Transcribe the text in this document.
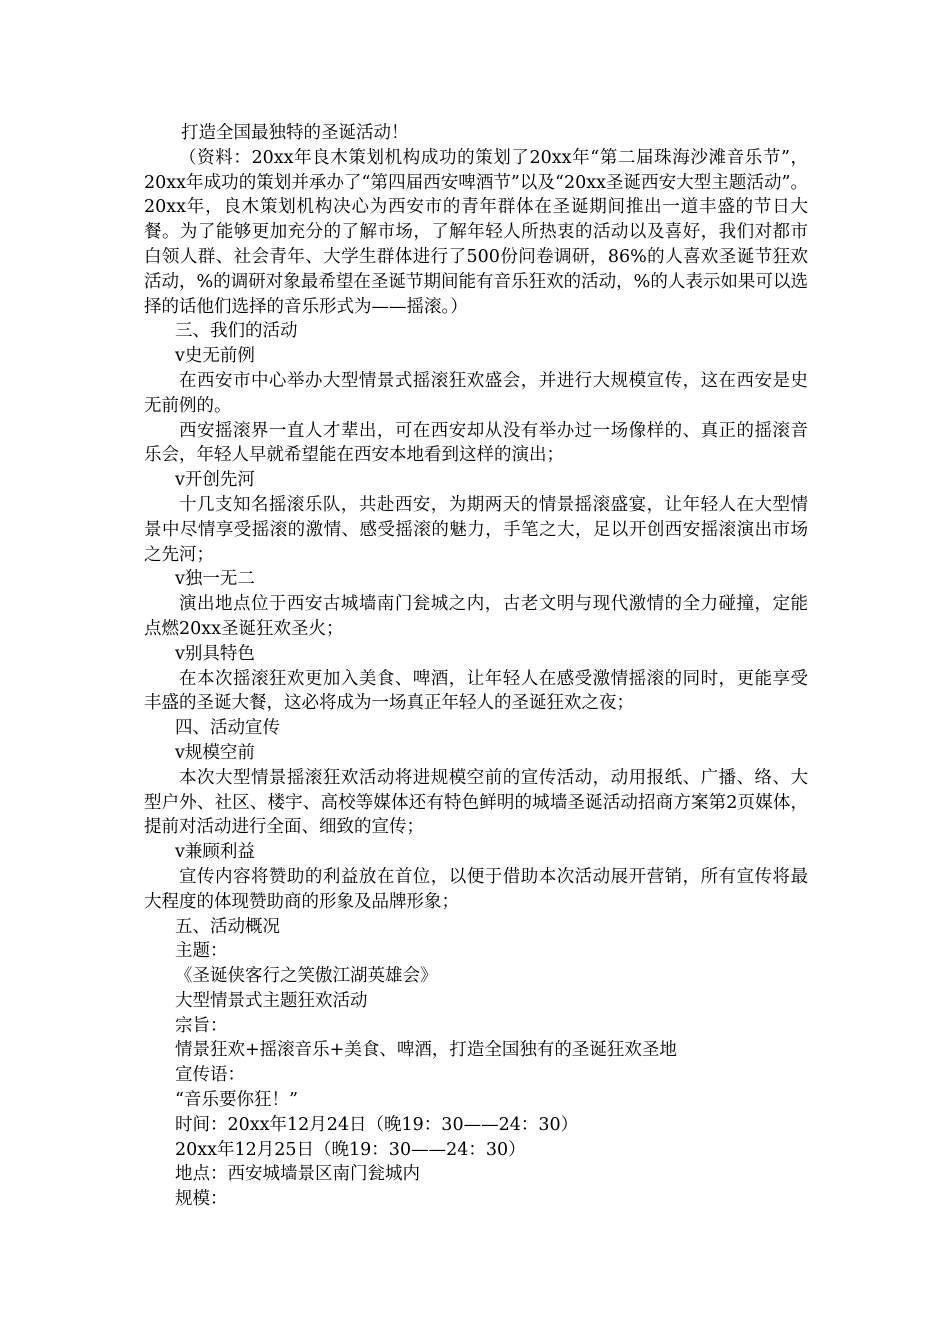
打造全国最独特的圣诞活动！

（资料：20xx年良木策划机构成功的策划了20xx年“第二届珠海沙滩音乐节”，20xx年成功的策划并承办了“第四届西安啤酒节”以及“20xx圣诞西安大型主题活动”。20xx年，良木策划机构决心为西安市的青年群体在圣诞期间推出一道丰盛的节日大餐。为了能够更加充分的了解市场，了解年轻人所热衷的活动以及喜好，我们对都市白领人群、社会青年、大学生群体进行了500份问卷调研，86%的人喜欢圣诞节狂欢活动，%的调研对象最希望在圣诞节期间能有音乐狂欢的活动，%的人表示如果可以选择的话他们选择的音乐形式为——摇滚。）

三、我们的活动
v史无前例

在西安市中心举办大型情景式摇滚狂欢盛会，并进行大规模宣传，这在西安是史无前例的。

西安摇滚界一直人才辈出，可在西安却从没有举办过一场像样的、真正的摇滚音乐会，年轻人早就希望能在西安本地看到这样的演出；

v开创先河

十几支知名摇滚乐队，共赴西安，为期两天的情景摇滚盛宴，让年轻人在大型情景中尽情享受摇滚的激情、感受摇滚的魅力，手笔之大，足以开创西安摇滚演出市场之先河；

v独一无二

演出地点位于西安古城墙南门瓮城之内，古老文明与现代激情的全力碰撞，定能点燃20xx圣诞狂欢圣火；

v别具特色

在本次摇滚狂欢更加入美食、啤酒，让年轻人在感受激情摇滚的同时，更能享受丰盛的圣诞大餐，这必将成为一场真正年轻人的圣诞狂欢之夜；

四、活动宣传
v规模空前

本次大型情景摇滚狂欢活动将进规模空前的宣传活动，动用报纸、广播、络、大型户外、社区、楼宇、高校等媒体还有特色鲜明的城墙圣诞活动招商方案第2页媒体，提前对活动进行全面、细致的宣传；

v兼顾利益

宣传内容将赞助的利益放在首位，以便于借助本次活动展开营销，所有宣传将最大程度的体现赞助商的形象及品牌形象；

五、活动概况
主题：
《圣诞侠客行之笑傲江湖英雄会》
大型情景式主题狂欢活动
宗旨：
情景狂欢+摇滚音乐+美食、啤酒，打造全国独有的圣诞狂欢圣地
宣传语：
“音乐要你狂！”
时间：20xx年12月24日（晚19：30——24：30）
20xx年12月25日（晚19：30——24：30）
地点：西安城墙景区南门瓮城内
规模：
